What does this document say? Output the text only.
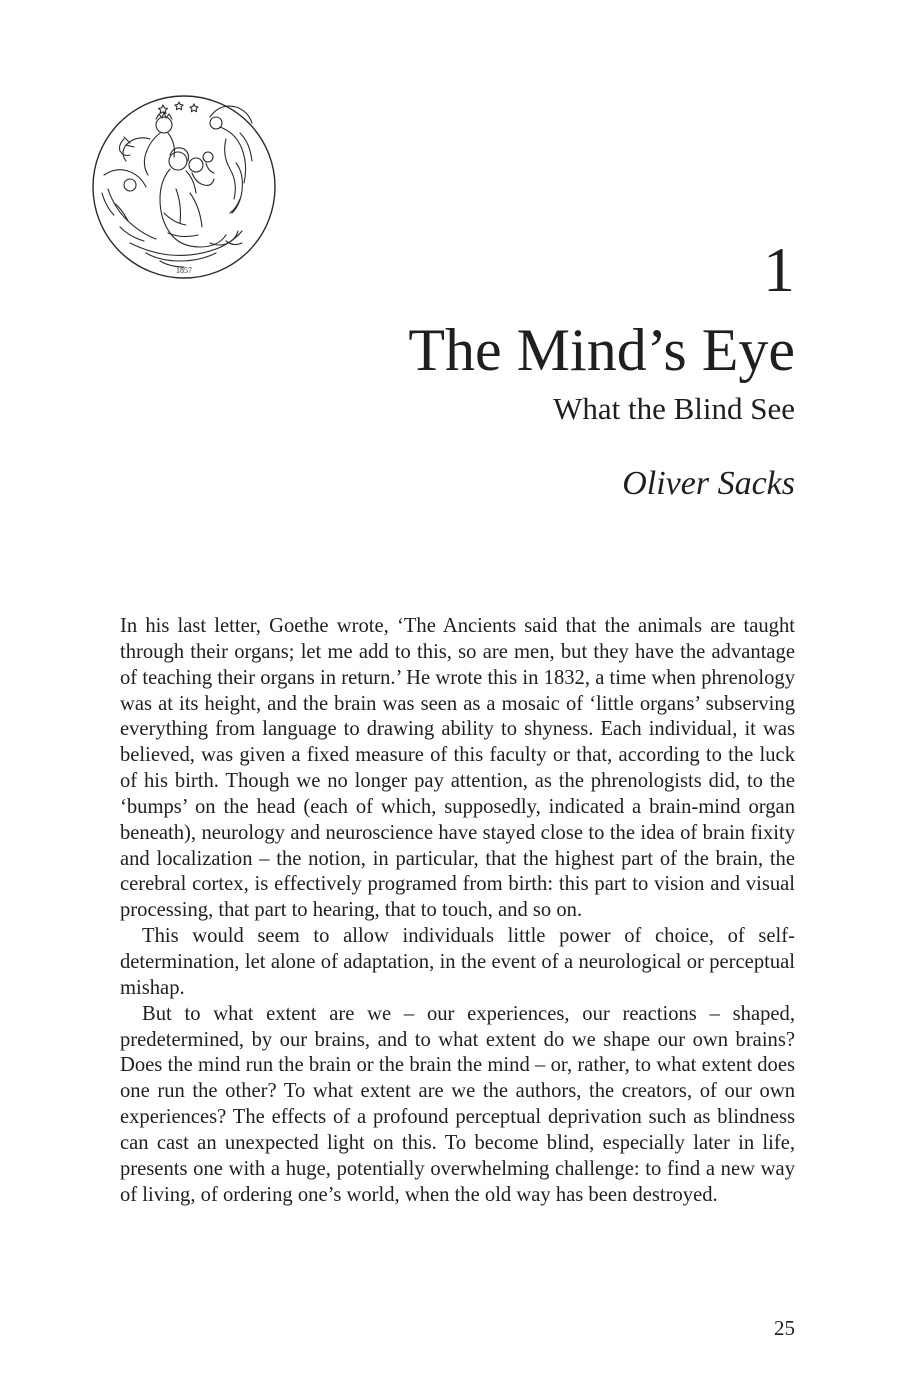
1857	1
The Mind’s Eye
What the Blind See
Oliver Sacks

In his last letter, Goethe wrote, ‘The Ancients said that the animals are taught through their organs; let me add to this, so are men, but they have the advantage of teaching their organs in return.’ He wrote this in 1832, a time when phrenology was at its height, and the brain was seen as a mosaic of ‘little organs’ subserving everything from language to drawing ability to shyness. Each individual, it was believed, was given a fixed measure of this faculty or that, according to the luck of his birth. Though we no longer pay attention, as the phrenologists did, to the ‘bumps’ on the head (each of which, supposedly, indicated a brain-mind organ beneath), neurology and neuroscience have stayed close to the idea of brain fixity and localization – the notion, in particular, that the highest part of the brain, the cerebral cortex, is effectively programed from birth: this part to vision and visual processing, that part to hearing, that to touch, and so on.

This would seem to allow individuals little power of choice, of self-determination, let alone of adaptation, in the event of a neurological or perceptual mishap.

But to what extent are we – our experiences, our reactions – shaped, predetermined, by our brains, and to what extent do we shape our own brains? Does the mind run the brain or the brain the mind – or, rather, to what extent does one run the other? To what extent are we the authors, the creators, of our own experiences? The effects of a profound perceptual deprivation such as blindness can cast an unexpected light on this. To become blind, especially later in life, presents one with a huge, potentially overwhelming challenge: to find a new way of living, of ordering one’s world, when the old way has been destroyed.

25
